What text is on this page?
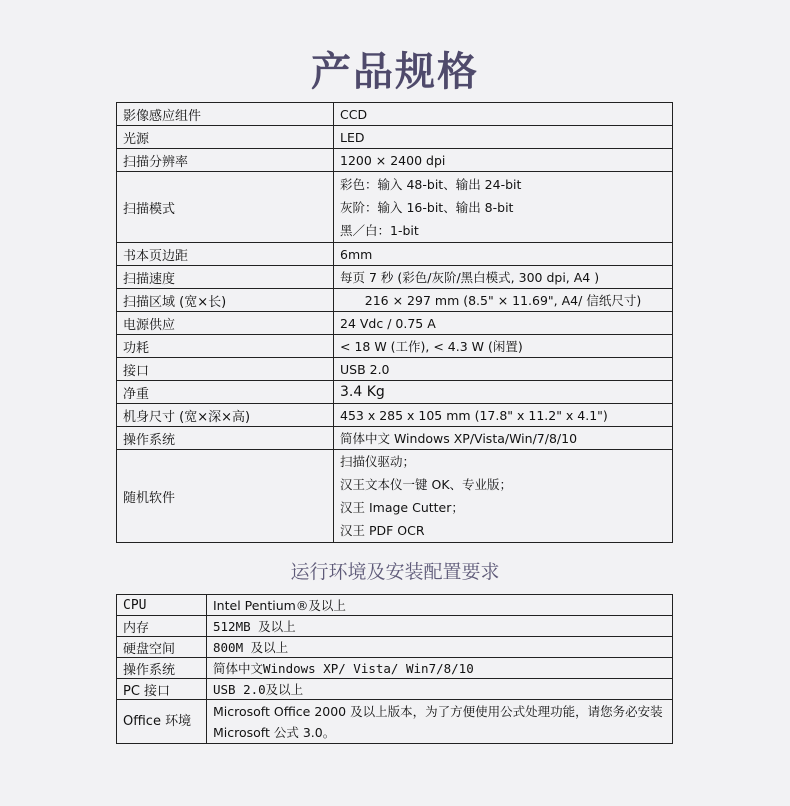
产品规格
影像感应组件	CCD
光源	LED
扫描分辨率	1200 × 2400 dpi
扫描模式	彩色：输入 48-bit、输出 24-bit
灰阶：输入 16-bit、输出 8-bit
黑／白：1-bit

书本页边距	6mm
扫描速度	每页 7 秒 (彩色/灰阶/黑白模式, 300 dpi, A4 )
扫描区域 (宽×长)	216 × 297 mm (8.5" × 11.69", A4/ 信纸尺寸)
电源供应	24 Vdc / 0.75 A
功耗	< 18 W (工作), < 4.3 W (闲置)
接口	USB 2.0
净重	3.4 Kg
机身尺寸 (宽×深×高)	453 x 285 x 105 mm (17.8" x 11.2" x 4.1")
操作系统	简体中文 Windows XP/Vista/Win/7/8/10
随机软件	扫描仪驱动；
汉王文本仪一键 OK、专业版；
汉王 Image Cutter；
汉王 PDF OCR
运行环境及安装配置要求
CPU	Intel Pentium®及以上
内存	512MB 及以上
硬盘空间	800M 及以上
操作系统	简体中文Windows XP/ Vista/ Win7/8/10
PC 接口	USB 2.0及以上
Office 环境	Microsoft Office 2000 及以上版本，为了方便使用公式处理功能，请您务必安装 Microsoft 公式 3.0。
